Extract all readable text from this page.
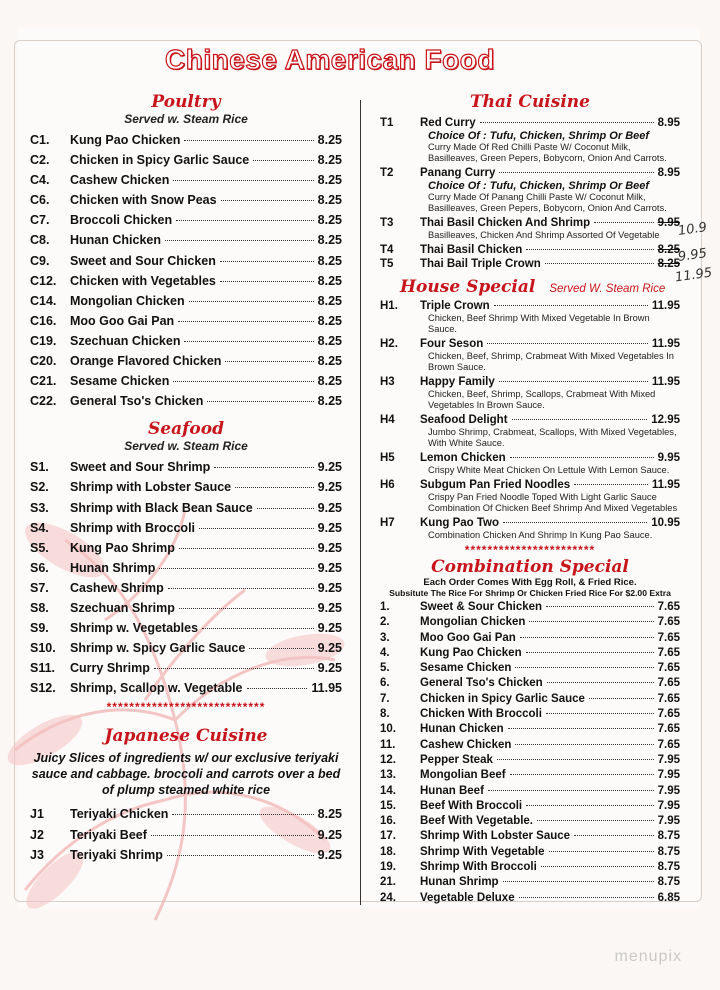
Chinese American Food
Poultry
Served w. Steam Rice
C1.	Kung Pao Chicken	8.25
C2.	Chicken in Spicy Garlic Sauce	8.25
C4.	Cashew Chicken	8.25
C6.	Chicken with Snow Peas	8.25
C7.	Broccoli Chicken	8.25
C8.	Hunan Chicken	8.25
C9.	Sweet and Sour Chicken	8.25
C12.	Chicken with Vegetables	8.25
C14.	Mongolian Chicken	8.25
C16.	Moo Goo Gai Pan	8.25
C19.	Szechuan Chicken	8.25
C20.	Orange Flavored Chicken	8.25
C21.	Sesame Chicken	8.25
C22.	General Tso's Chicken	8.25
Seafood
Served w. Steam Rice
S1.	Sweet and Sour Shrimp	9.25
S2.	Shrimp with Lobster Sauce	9.25
S3.	Shrimp with Black Bean Sauce	9.25
S4.	Shrimp with Broccoli	9.25
S5.	Kung Pao Shrimp	9.25
S6.	Hunan Shrimp	9.25
S7.	Cashew Shrimp	9.25
S8.	Szechuan Shrimp	9.25
S9.	Shrimp w. Vegetables	9.25
S10.	Shrimp w. Spicy Garlic Sauce	9.25
S11.	Curry Shrimp	9.25
S12.	Shrimp, Scallop w. Vegetable	11.95
****************************
Japanese Cuisine
Juicy Slices of ingredients w/ our exclusive teriyaki sauce and cabbage. broccoli and carrots over a bed of plump steamed white rice
J1	Teriyaki Chicken	8.25
J2	Teriyaki Beef	9.25
J3	Teriyaki Shrimp	9.25
Thai Cuisine
T1	Red Curry	8.95
Choice Of : Tufu, Chicken, Shrimp Or Beef
Curry Made Of Red Chilli Paste W/ Coconut Milk, Basilleaves, Green Pepers, Bobycorn, Onion And Carrots.
T2	Panang Curry	8.95
Choice Of : Tufu, Chicken, Shrimp Or Beef
Curry Made Of Panang Chilli Paste W/ Coconut Milk, Basilleaves, Green Pepers, Bobycorn, Onion And Carrots.
T3	Thai Basil Chicken And Shrimp	9.95
Basilleaves, Chicken And Shrimp Assorted Of Vegetable
T4	Thai Basil Chicken	8.25
T5	Thai Bail Triple Crown	8.25
House Special Served W. Steam Rice
H1.	Triple Crown	11.95
Chicken, Beef Shrimp With Mixed Vegetable In Brown Sauce.
H2.	Four Seson	11.95
Chicken, Beef, Shrimp, Crabmeat With Mixed Vegetables In Brown Sauce.
H3	Happy Family	11.95
Chicken, Beef, Shrimp, Scallops, Crabmeat With Mixed Vegetables In Brown Sauce.
H4	Seafood Delight	12.95
Jumbo Shrimp, Crabmeat, Scallops, With Mixed Vegetables, With White Sauce.
H5	Lemon Chicken	9.95
Crispy White Meat Chicken On Lettule With Lemon Sauce.
H6	Subgum Pan Fried Noodles	11.95
Crispy Pan Fried Noodle Toped With Light Garlic Sauce Combination Of Chicken Beef Shrimp And Mixed Vegetables
H7	Kung Pao Two	10.95
Combination Chicken And Shrimp In Kung Pao Sauce.
***********************
Combination Special
Each Order Comes With Egg Roll, & Fried Rice.
Subsitute The Rice For Shrimp Or Chicken Fried Rice For $2.00 Extra
1.	Sweet & Sour Chicken	7.65
2.	Mongolian Chicken	7.65
3.	Moo Goo Gai Pan	7.65
4.	Kung Pao Chicken	7.65
5.	Sesame Chicken	7.65
6.	General Tso's Chicken	7.65
7.	Chicken in Spicy Garlic Sauce	7.65
8.	Chicken With Broccoli	7.65
10.	Hunan Chicken	7.65
11.	Cashew Chicken	7.65
12.	Pepper Steak	7.95
13.	Mongolian Beef	7.95
14.	Hunan Beef	7.95
15.	Beef With Broccoli	7.95
16.	Beef With Vegetable.	7.95
17.	Shrimp With Lobster Sauce	8.75
18.	Shrimp With Vegetable	8.75
19.	Shrimp With Broccoli	8.75
21.	Hunan Shrimp	8.75
24.	Vegetable Deluxe	6.85
10.9
9.95
11.95
menupix
